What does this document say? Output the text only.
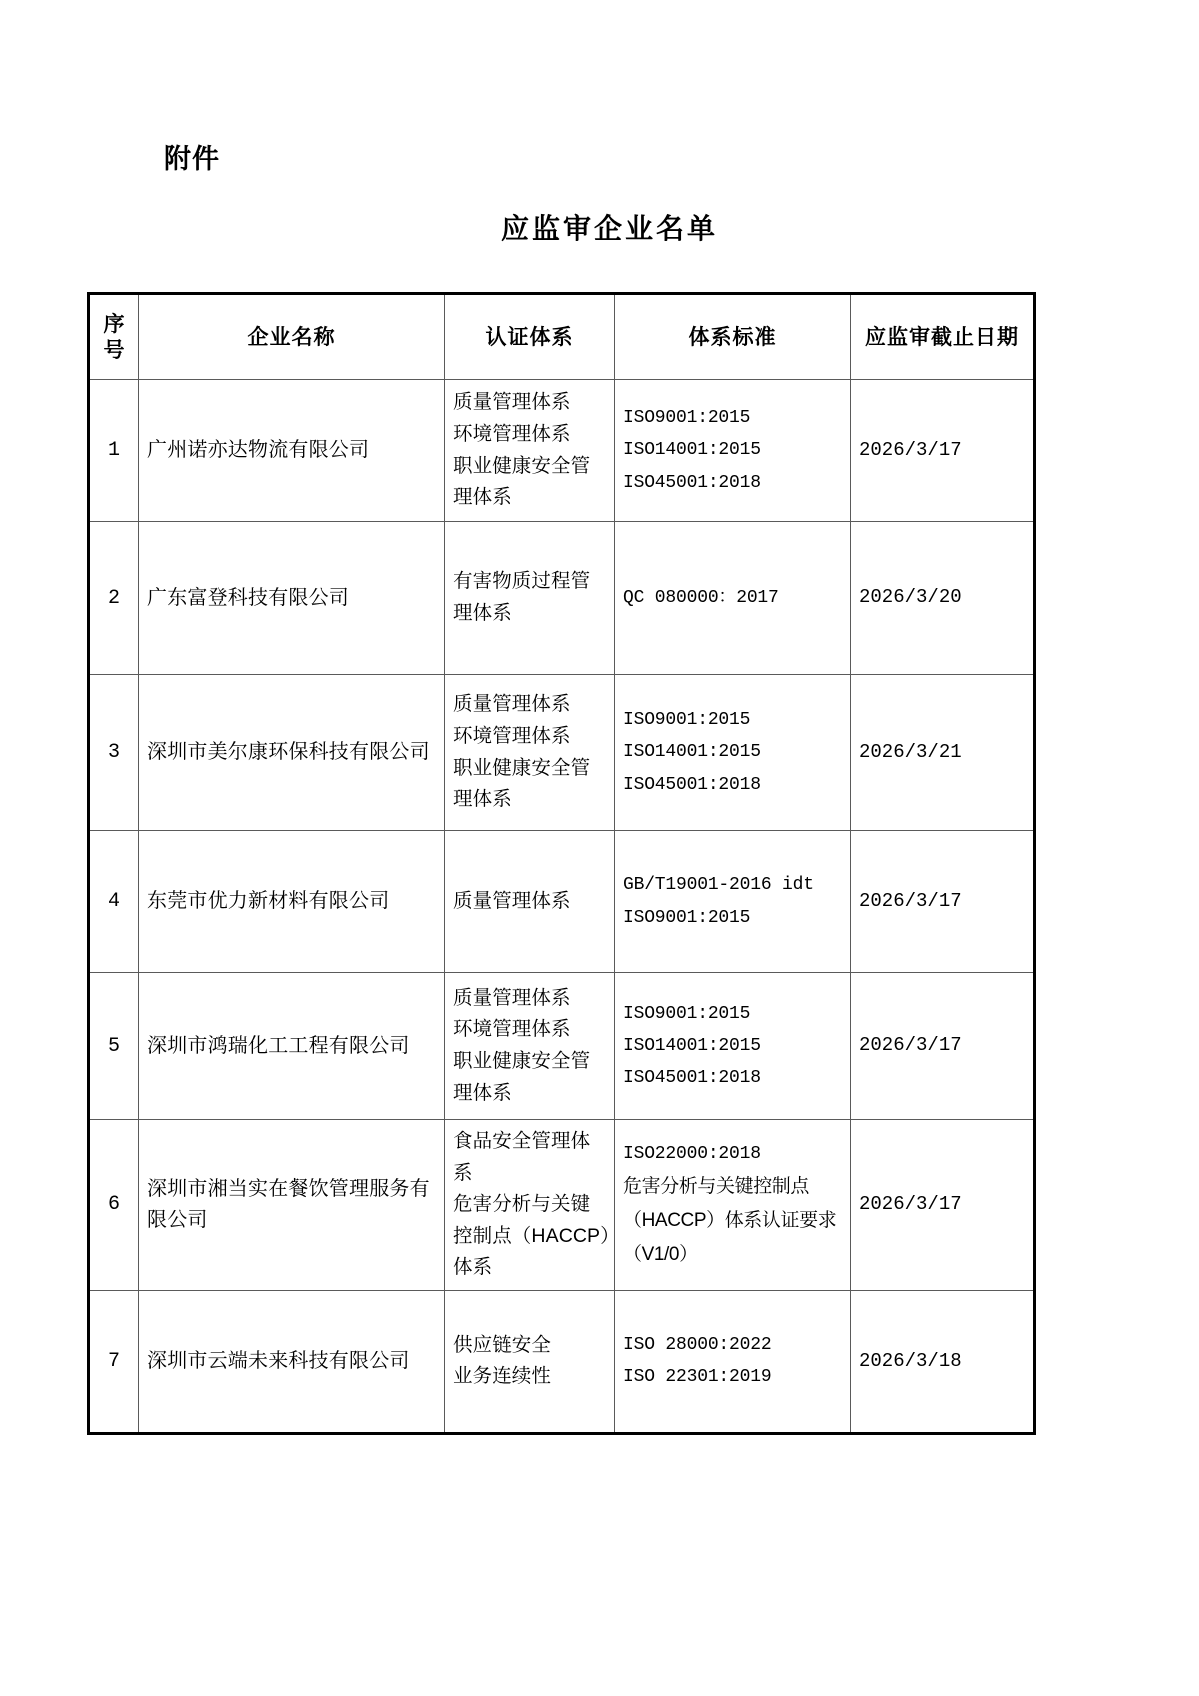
附件
应监审企业名单
序
号	企业名称	认证体系	体系标准	应监审截止日期
1	广州诺亦达物流有限公司	质量管理体系
环境管理体系
职业健康安全管
理体系	ISO9001:2015
ISO14001:2015
ISO45001:2018	2026/3/17
2	广东富登科技有限公司	有害物质过程管
理体系	QC 080000：2017	2026/3/20
3	深圳市美尔康环保科技有限公司	质量管理体系
环境管理体系
职业健康安全管
理体系	ISO9001:2015
ISO14001:2015
ISO45001:2018	2026/3/21
4	东莞市优力新材料有限公司	质量管理体系	GB/T19001-2016 idt
ISO9001:2015	2026/3/17
5	深圳市鸿瑞化工工程有限公司	质量管理体系
环境管理体系
职业健康安全管
理体系	ISO9001:2015
ISO14001:2015
ISO45001:2018	2026/3/17
6	深圳市湘当实在餐饮管理服务有限公司	食品安全管理体
系
危害分析与关键
控制点（HACCP）
体系	ISO22000:2018
危害分析与关键控制点
（HACCP）体系认证要求
（V1/0）	2026/3/17
7	深圳市云端未来科技有限公司	供应链安全
业务连续性	ISO 28000:2022
ISO 22301:2019	2026/3/18
